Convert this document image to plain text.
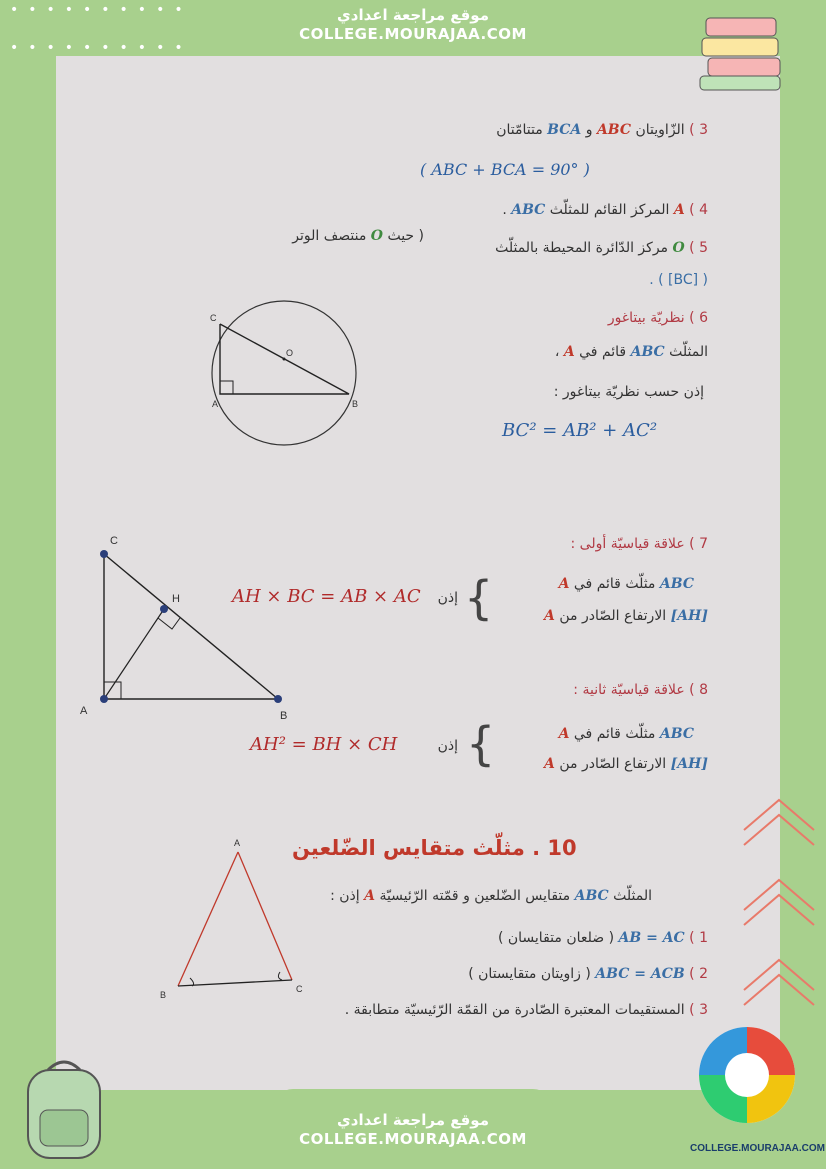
••••••••••
••••••••••
3 ) الزّاويتان ABC و BCA متتامّتان
( ABC + BCA = 90° )
4 ) A المركز القائم للمثلّث ABC .
5 ) O مركز الدّائرة المحيطة بالمثلّث
( حيث O منتصف الوتر
( [BC] ) .
6 ) نظريّة بيتاغور
المثلّث ABC قائم في A ،
إذن حسب نظريّة بيتاغور :
BC² = AB² + AC²
C
O
A	B
7 ) علاقة قياسيّة أولى :
ABC مثلّث قائم في A
[AH] الارتفاع الصّادر من A
{
إذن
AH × BC = AB × AC
C
H
A	B
8 ) علاقة قياسيّة ثانية :
ABC مثلّث قائم في A
[AH] الارتفاع الصّادر من A
{
إذن
AH² = BH × CH
10 . مثلّث متقايس الضّلعين
المثلّث ABC متقايس الضّلعين و قمّته الرّئيسيّة A إذن :
1 ) AB = AC ( ضلعان متقايسان )
2 ) ABC = ACB ( زاويتان متقايستان )
3 ) المستقيمات المعتبرة الصّادرة من القمّة الرّئيسيّة متطابقة .
A
B
C
موقع مراجعة اعدادي
COLLEGE.MOURAJAA.COM
موقع مراجعة اعدادي
COLLEGE.MOURAJAA.COM
COLLEGE.MOURAJAA.COM
